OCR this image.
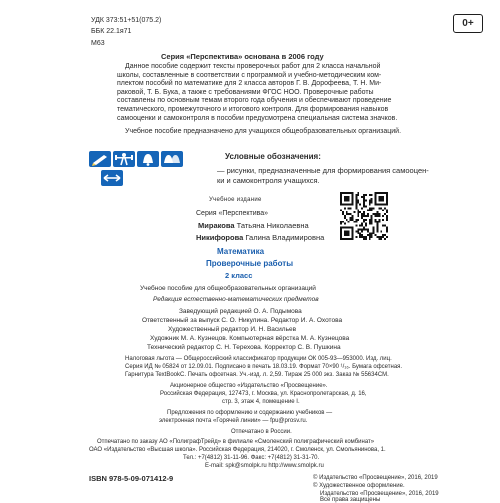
УДК 373:51+51(075.2)
ББК 22.1я71
М63
0+
Серия «Перспектива» основана в 2006 году
Данное пособие содержит тексты проверочных работ для 2 класса начальной
школы, составленные в соответствии с программой и учебно-методическим ком-
плектом пособий по математике для 2 класса авторов Г. В. Дорофеева, Т. Н. Ми-
раковой, Т. Б. Бука, а также с требованиями ФГОС НОО. Проверочные работы
составлены по основным темам второго года обучения и обеспечивают проведение
тематического, промежуточного и итогового контроля. Для формирования навыков
самооценки и самоконтроля в пособии предусмотрена специальная система значков.
Учебное пособие предназначено для учащихся общеобразовательных организаций.
Условные обозначения:
— рисунки, предназначенные для формирования самооцен-
ки и самоконтроля учащихся.
Учебное издание
Серия «Перспектива»
Миракова Татьяна Николаевна
Никифорова Галина Владимировна
Математика
Проверочные работы
2 класс
Учебное пособие для общеобразовательных организаций
Редакция естественно-математических предметов
Заведующий редакцией О. А. Подымова
Ответственный за выпуск С. О. Никулина. Редактор И. А. Охотова
Художественный редактор И. Н. Васильев
Художник М. А. Кузнецов. Компьютерная вёрстка М. А. Кузнецова
Технический редактор С. Н. Терехова. Корректор С. В. Пушкина
Налоговая льгота — Общероссийский классификатор продукции ОК 005-93—953000. Изд. лиц.
Серия ИД № 05824 от 12.09.01. Подписано в печать 18.03.19. Формат 70×90 ¹/₁₆. Бумага офсетная.
Гарнитура TextBookC. Печать офсетная. Уч.-изд. л. 2,59. Тираж 25 000 экз. Заказ № 55634СМ.
Акционерное общество «Издательство «Просвещение».
Российская Федерация, 127473, г. Москва, ул. Краснопролетарская, д. 16,
стр. 3, этаж 4, помещение I.
Предложения по оформлению и содержанию учебников —
электронная почта «Горячей линии» — fpu@prosv.ru.
Отпечатано в России.
Отпечатано по заказу АО «ПолиграфТрейд» в филиале «Смоленский полиграфический комбинат»
ОАО «Издательство «Высшая школа». Российская Федерация, 214020, г. Смоленск, ул. Смольянинова, 1.
Тел.: +7(4812) 31-11-96. Факс: +7(4812) 31-31-70.
E-mail: spk@smolpk.ru http://www.smolpk.ru
ISBN 978-5-09-071412-9	© Издательство «Просвещение», 2016, 2019
© Художественное оформление.
Издательство «Просвещение», 2016, 2019
Все права защищены
